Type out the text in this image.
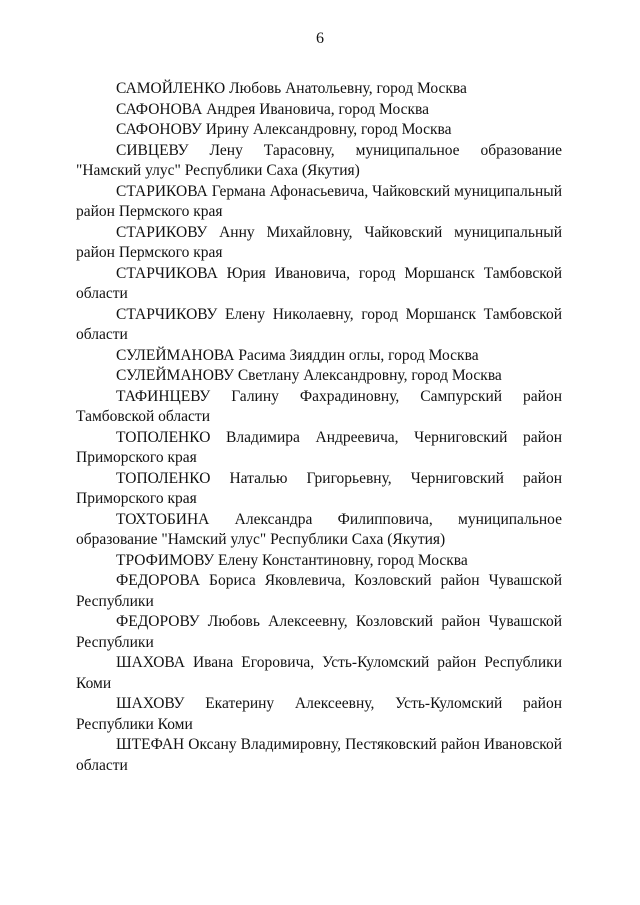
6

САМОЙЛЕНКО Любовь Анатольевну, город Москва

САФОНОВА Андрея Ивановича, город Москва

САФОНОВУ Ирину Александровну, город Москва

СИВЦЕВУ Лену Тарасовну, муниципальное образование "Намский улус" Республики Саха (Якутия)

СТАРИКОВА Германа Афонасьевича, Чайковский муниципальный район Пермского края

СТАРИКОВУ Анну Михайловну, Чайковский муниципальный район Пермского края

СТАРЧИКОВА Юрия Ивановича, город Моршанск Тамбовской области

СТАРЧИКОВУ Елену Николаевну, город Моршанск Тамбовской области

СУЛЕЙМАНОВА Расима Зияддин оглы, город Москва

СУЛЕЙМАНОВУ Светлану Александровну, город Москва

ТАФИНЦЕВУ Галину Фахрадиновну, Сампурский район Тамбовской области

ТОПОЛЕНКО Владимира Андреевича, Черниговский район Приморского края

ТОПОЛЕНКО Наталью Григорьевну, Черниговский район Приморского края

ТОХТОБИНА Александра Филипповича, муниципальное образование "Намский улус" Республики Саха (Якутия)

ТРОФИМОВУ Елену Константиновну, город Москва

ФЕДОРОВА Бориса Яковлевича, Козловский район Чувашской Республики

ФЕДОРОВУ Любовь Алексеевну, Козловский район Чувашской Республики

ШАХОВА Ивана Егоровича, Усть-Куломский район Республики Коми

ШАХОВУ Екатерину Алексеевну, Усть-Куломский район Республики Коми

ШТЕФАН Оксану Владимировну, Пестяковский район Ивановской области
